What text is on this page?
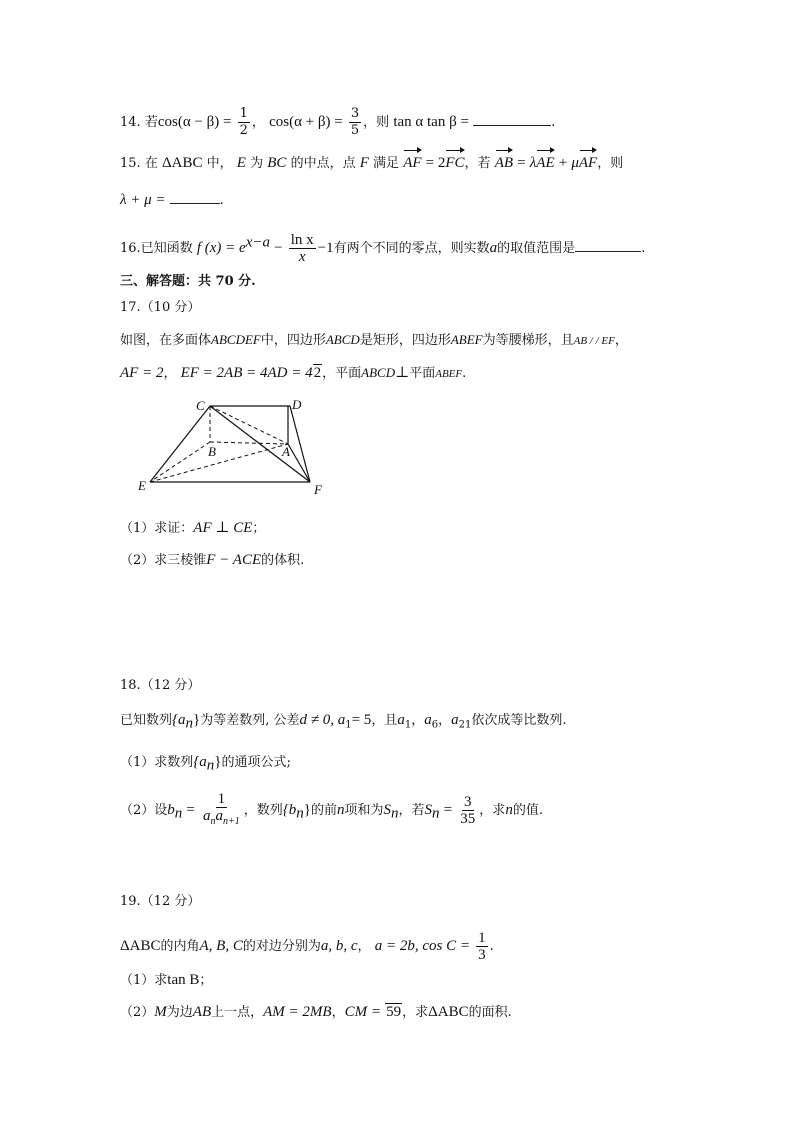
14. 若$\cos(\alpha - \beta) = \frac{1}{2}$ ， $\cos(\alpha + \beta) = \frac{3}{5}$ ，则 tan α tan β =	.
15. 在 ΔABC 中， E 为 BC 的中点，点 F 满足 AF = 2FC，若 AB = λAE + μAF，则
λ + μ =	.
16.已知函数 f $(x) = e^{x-a} - \frac{\text{ln x}}{x} -1$有两个不同的零点，则实数a的取值范围是	.
三、解答题：共 70 分.
17.（10 分）
如图，在多面体ABCDEF中，四边形ABCD是矩形，四边形ABEF为等腰梯形，且AB / / EF，
AF = 2， EF = 2AB = 4AD = 42，平面ABCD⊥平面ABEF.
C	D
B	A
E	F
（1）求证：AF ⊥ CE；
（2）求三棱锥F − ACE的体积.
18.（12 分）
已知数列$\{a_n\}$为等差数列, 公差d ≠ 0, $a_1= 5$，且$a_1$，$a_6$，$a_{21}$依次成等比数列.
（1）求数列$\{a_n\}$的通项公式;
（2）设$b_n = \frac{1}{a_na_{n+1}}$ ，数列$\{b_n\}$的前n项和为$S_n$，若$S_n = \frac{3}{35}$ ，求n的值.
19.（12 分）
ΔABC的内角A, B, C的对边分别为a, b, c， a = 2b, $\cos C = \frac{1}{3}$ .
（1）求tan B；
（2）M为边AB上一点，AM = 2MB，CM = 59，求ΔABC的面积.
